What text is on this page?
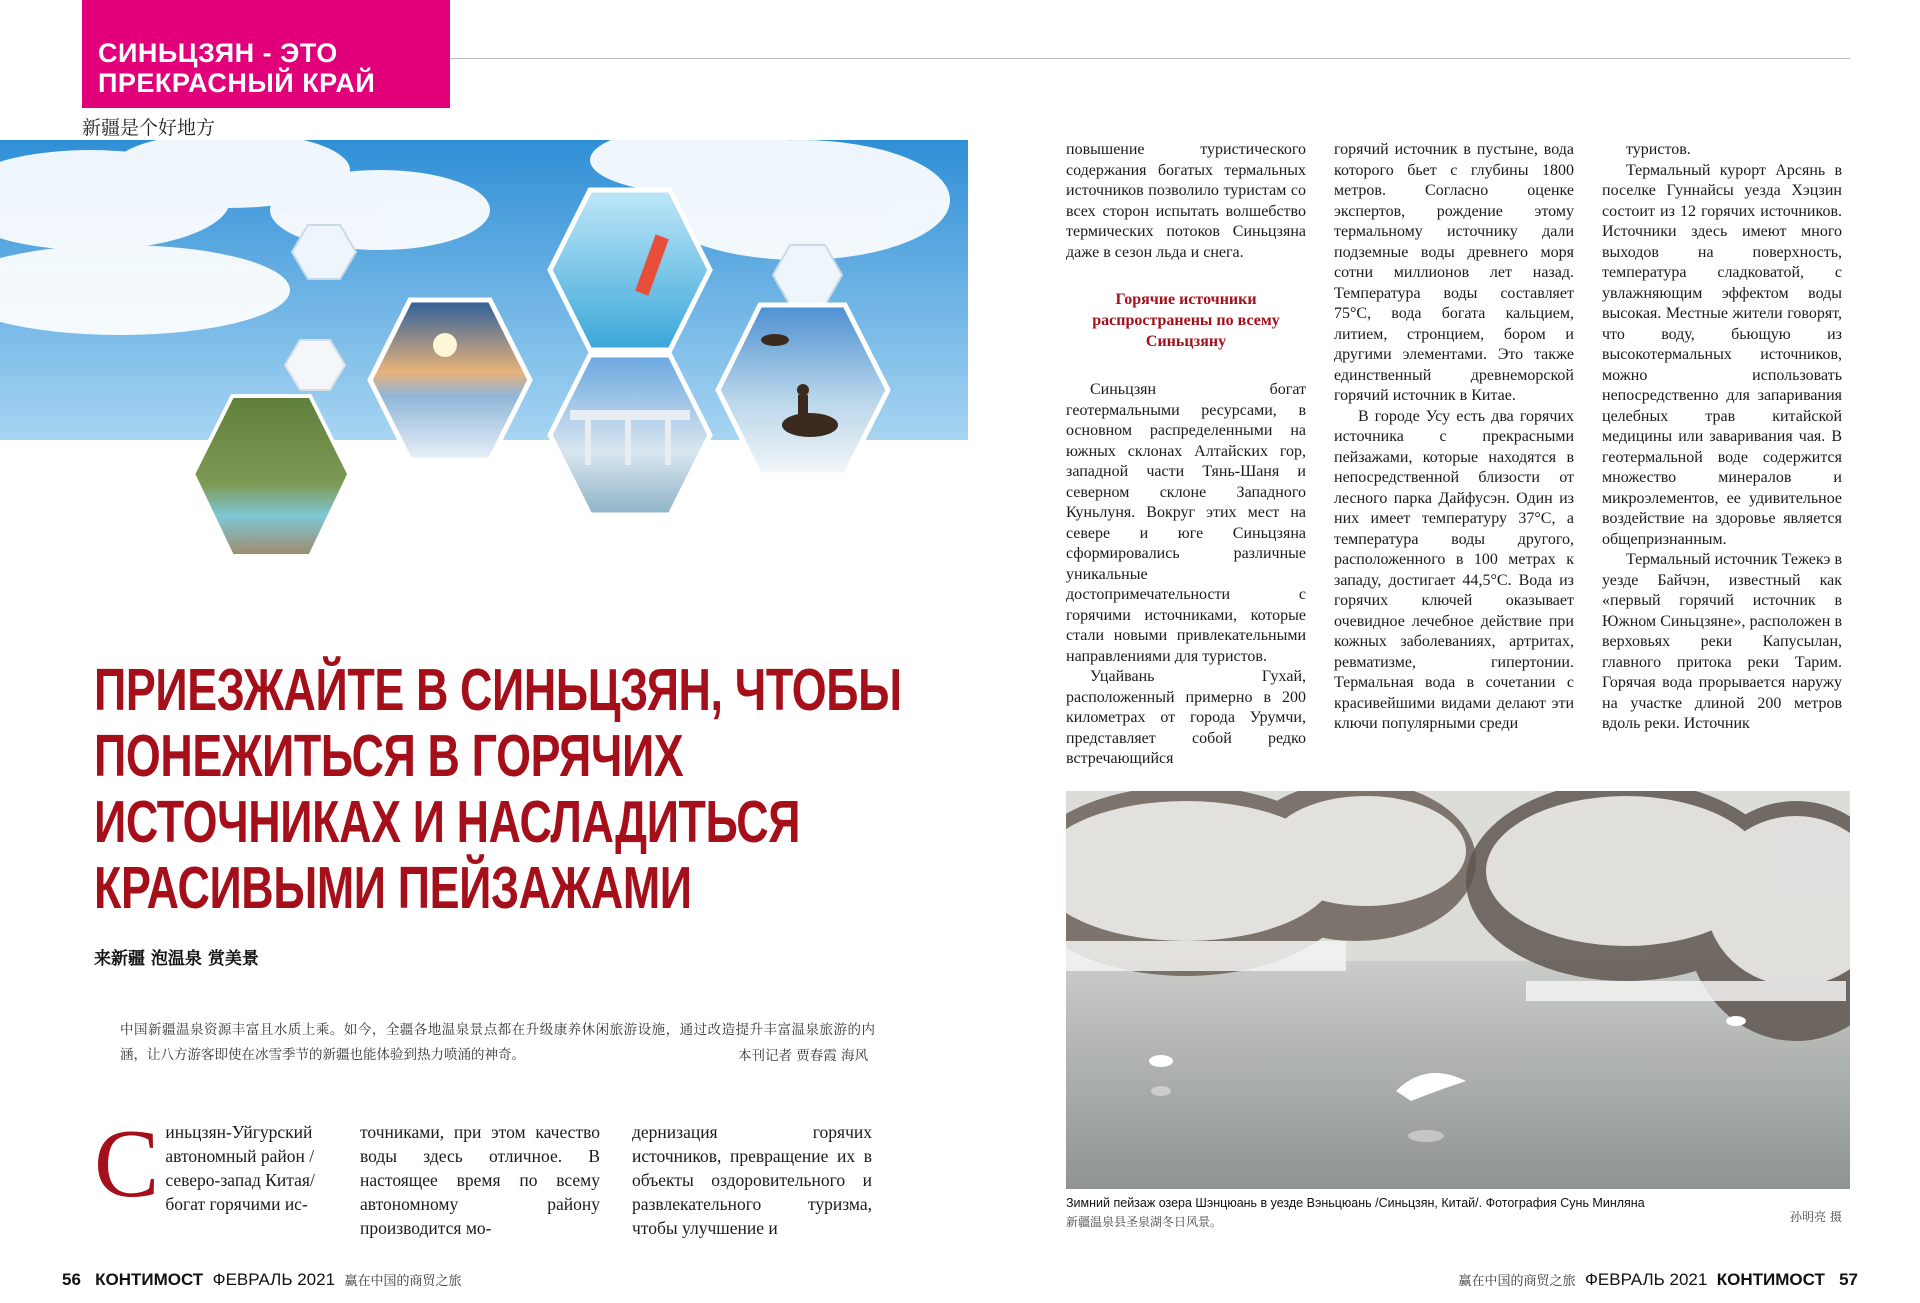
СИНЬЦЗЯН - ЭТО
ПРЕКРАСНЫЙ КРАЙ
新疆是个好地方
ПРИЕЗЖАЙТЕ В СИНЬЦЗЯН, ЧТОБЫ
ПОНЕЖИТЬСЯ В ГОРЯЧИХ
ИСТОЧНИКАХ И НАСЛАДИТЬСЯ
КРАСИВЫМИ ПЕЙЗАЖАМИ
来新疆 泡温泉 赏美景
中国新疆温泉资源丰富且水质上乘。如今，全疆各地温泉景点都在升级康养休闲旅游设施，通过改造提升丰富温泉旅游的内涵，让八方游客即使在冰雪季节的新疆也能体验到热力喷涌的神奇。	本刊记者 贾春霞 海风
С иньцзян-Уйгурский автономный район / северо-запад Китая/ богат горячими ис-
точниками, при этом качество воды здесь отличное. В настоящее время по всему автономному району производится мо-
дернизация горячих источников, превращение их в объекты оздоровительного и развлекательного туризма, чтобы улучшение и

повышение туристического содержания богатых термальных источников позволило туристам со всех сторон испытать волшебство термических потоков Синьцзяна даже в сезон льда и снега.

Горячие источники
распространены по всему
Синьцзяну

Синьцзян богат геотермальными ресурсами, в основном распределенными на южных склонах Алтайских гор, западной части Тянь-Шаня и северном склоне Западного Куньлуня. Вокруг этих мест на севере и юге Синьцзяна сформировались различные уникальные достопримечательности с горячими источниками, которые стали новыми привлекательными направлениями для туристов.

Уцайвань Гухай, расположенный примерно в 200 километрах от города Урумчи, представляет собой редко встречающийся

горячий источник в пустыне, вода которого бьет с глубины 1800 метров. Согласно оценке экспертов, рождение этому термальному источнику дали подземные воды древнего моря сотни миллионов лет назад. Температура воды составляет 75°С, вода богата кальцием, литием, стронцием, бором и другими элементами. Это также единственный древнеморской горячий источник в Китае.

В городе Усу есть два горячих источника с прекрасными пейзажами, которые находятся в непосредственной близости от лесного парка Дайфусэн. Один из них имеет температуру 37°С, а температура воды другого, расположенного в 100 метрах к западу, достигает 44,5°С. Вода из горячих ключей оказывает очевидное лечебное действие при кожных заболеваниях, артритах, ревматизме, гипертонии. Термальная вода в сочетании с красивейшими видами делают эти ключи популярными среди

туристов.

Термальный курорт Арсянь в поселке Гуннайсы уезда Хэцзин состоит из 12 горячих источников. Источники здесь имеют много выходов на поверхность, температура сладковатой, с увлажняющим эффектом воды высокая. Местные жители говорят, что воду, бьющую из высокотермальных источников, можно использовать непосредственно для запаривания целебных трав китайской медицины или заваривания чая. В геотермальной воде содержится множество минералов и микроэлементов, ее удивительное воздействие на здоровье является общепризнанным.

Термальный источник Тежекэ в уезде Байчэн, известный как «первый горячий источник в Южном Синьцзяне», расположен в верховьях реки Капусылан, главного притока реки Тарим. Горячая вода прорывается наружу на участке длиной 200 метров вдоль реки. Источник

Зимний пейзаж озера Шэнцюань в уезде Вэньцюань /Синьцзян, Китай/. Фотография Сунь Минляна
新疆温泉县圣泉湖冬日风景。	孙明亮 摄
56 КОНТИМОСТ ФЕВРАЛЬ 2021 赢在中国的商贸之旅	赢在中国的商贸之旅 ФЕВРАЛЬ 2021 КОНТИМОСТ 57
